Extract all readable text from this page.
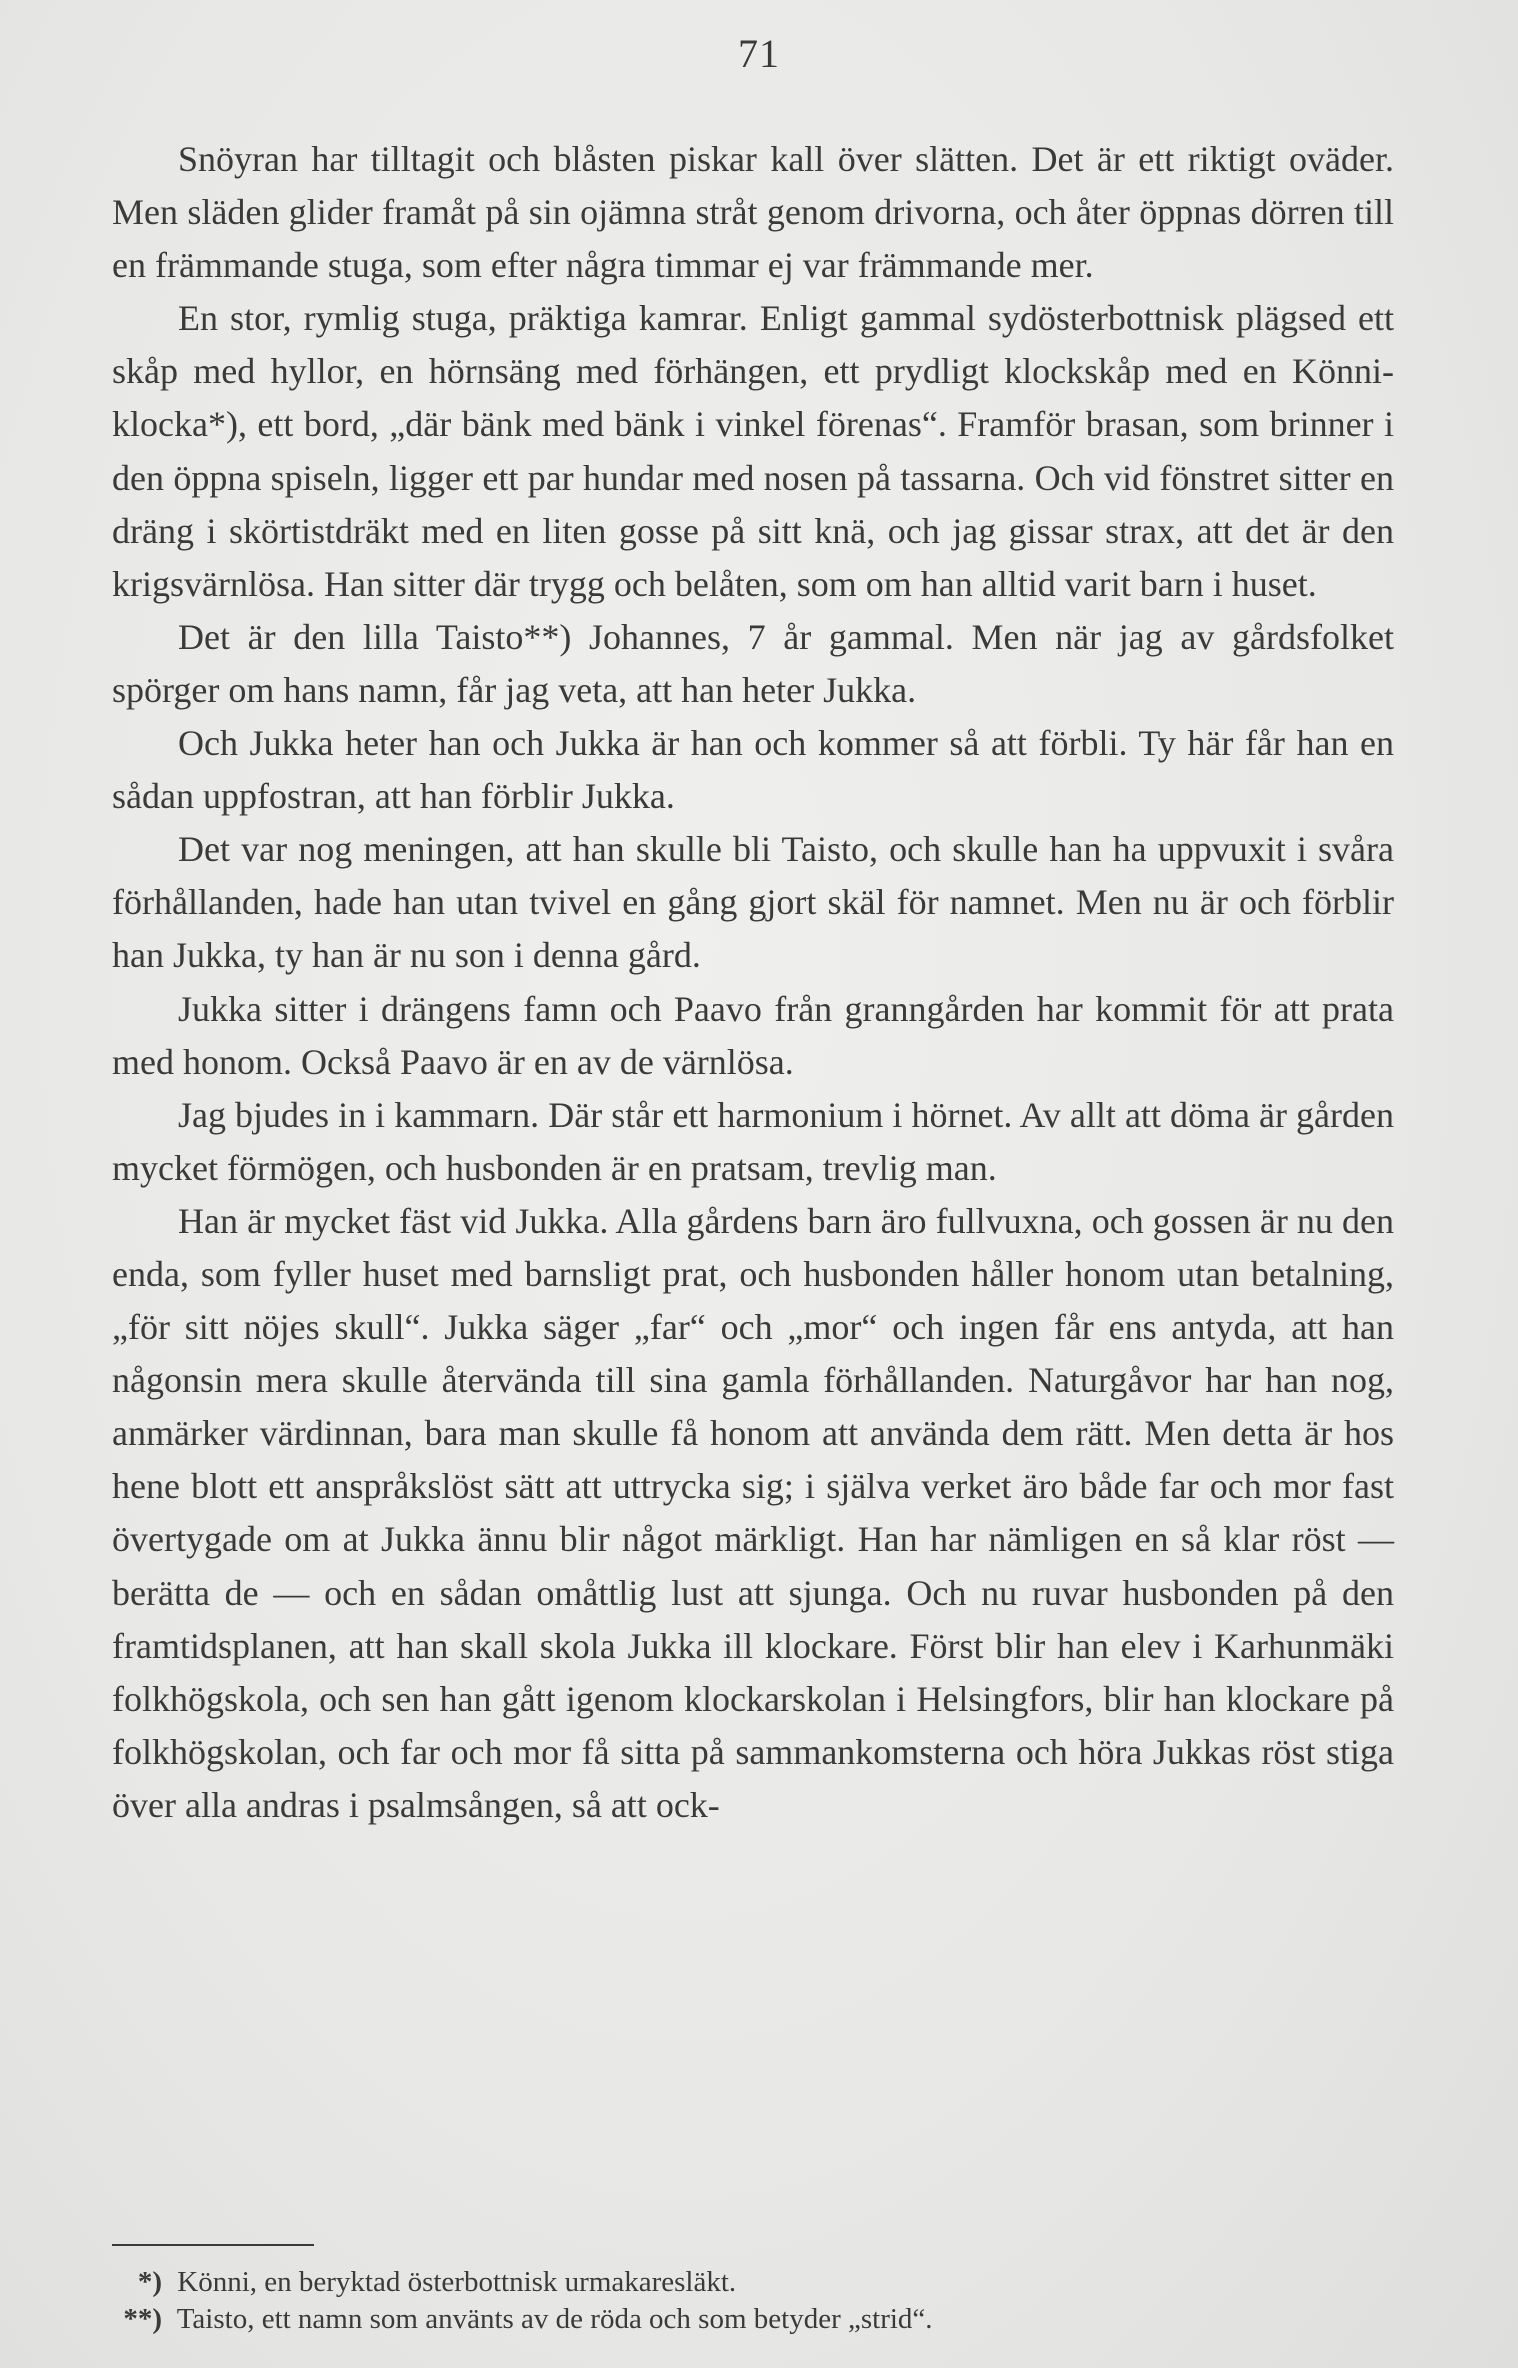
71

Snöyran har tilltagit och blåsten piskar kall över slätten. Det är ett riktigt oväder. Men släden glider framåt på sin ojämna stråt genom drivorna, och åter öppnas dörren till en främmande stuga, som efter några timmar ej var främmande mer.

En stor, rymlig stuga, präktiga kamrar. Enligt gammal sydösterbottnisk plägsed ett skåp med hyllor, en hörnsäng med förhängen, ett prydligt klockskåp med en Könni-klocka*), ett bord, „där bänk med bänk i vinkel förenas“. Framför brasan, som brinner i den öppna spiseln, ligger ett par hundar med nosen på tassarna. Och vid fönstret sitter en dräng i skörtistdräkt med en liten gosse på sitt knä, och jag gissar strax, att det är den krigsvärnlösa. Han sitter där trygg och belåten, som om han alltid varit barn i huset.

Det är den lilla Taisto**) Johannes, 7 år gammal. Men när jag av gårdsfolket spörger om hans namn, får jag veta, att han heter Jukka.

Och Jukka heter han och Jukka är han och kommer så att förbli. Ty här får han en sådan uppfostran, att han förblir Jukka.

Det var nog meningen, att han skulle bli Taisto, och skulle han ha uppvuxit i svåra förhållanden, hade han utan tvivel en gång gjort skäl för namnet. Men nu är och förblir han Jukka, ty han är nu son i denna gård.

Jukka sitter i drängens famn och Paavo från granngården har kommit för att prata med honom. Också Paavo är en av de värnlösa.

Jag bjudes in i kammarn. Där står ett harmonium i hörnet. Av allt att döma är gården mycket förmögen, och husbonden är en pratsam, trevlig man.

Han är mycket fäst vid Jukka. Alla gårdens barn äro fullvuxna, och gossen är nu den enda, som fyller huset med barnsligt prat, och husbonden håller honom utan betalning, „för sitt nöjes skull“. Jukka säger „far“ och „mor“ och ingen får ens antyda, att han någonsin mera skulle återvända till sina gamla förhållanden. Naturgåvor har han nog, anmärker värdinnan, bara man skulle få honom att använda dem rätt. Men detta är hos hene blott ett anspråkslöst sätt att uttrycka sig; i själva verket äro både far och mor fast övertygade om at Jukka ännu blir något märkligt. Han har nämligen en så klar röst — berätta de — och en sådan omåttlig lust att sjunga. Och nu ruvar husbonden på den framtidsplanen, att han skall skola Jukka ill klockare. Först blir han elev i Karhunmäki folkhögskola, och sen han gått igenom klockarskolan i Helsingfors, blir han klockare på folkhögskolan, och far och mor få sitta på sammankomsterna och höra Jukkas röst stiga över alla andras i psalmsången, så att ock-

*) Könni, en beryktad österbottnisk urmakaresläkt.

**) Taisto, ett namn som använts av de röda och som betyder „strid“.
